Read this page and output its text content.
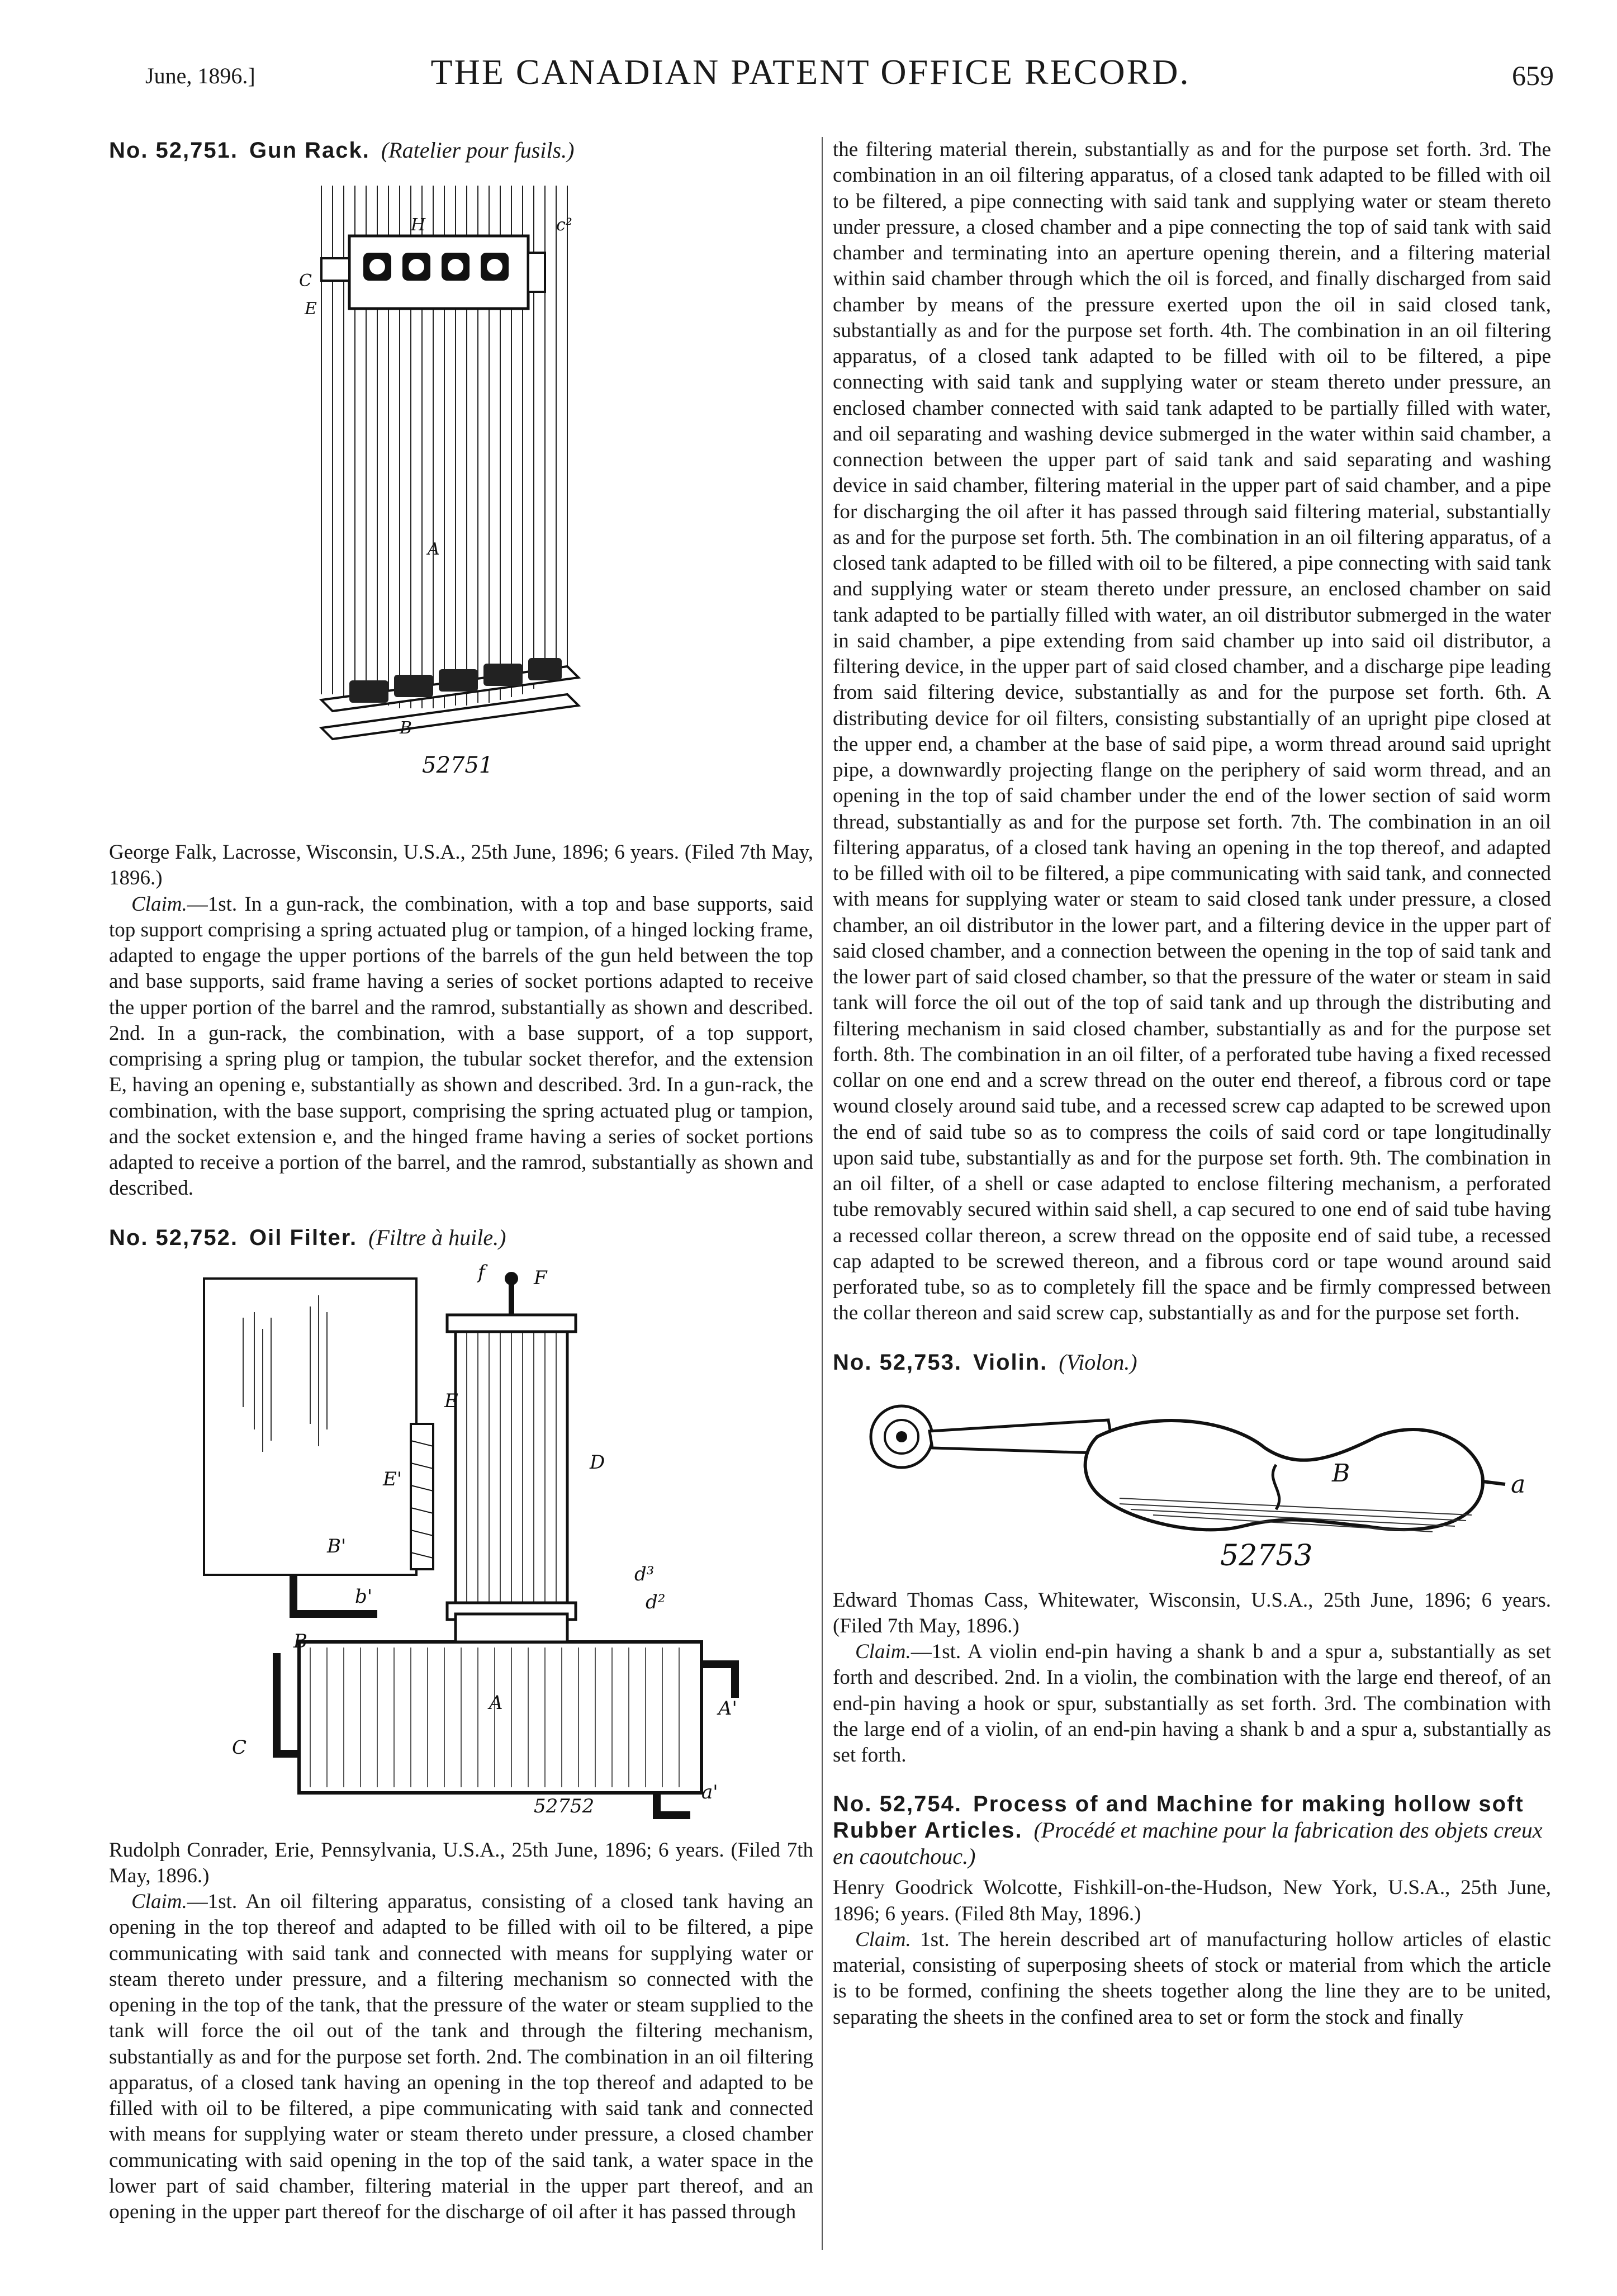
June, 1896.]	THE CANADIAN PATENT OFFICE RECORD.	659
No. 52,751. Gun Rack. (Ratelier pour fusils.)
H	c²
C
A
B
E
52751

George Falk, Lacrosse, Wisconsin, U.S.A., 25th June, 1896; 6 years. (Filed 7th May, 1896.)

Claim.—1st. In a gun-rack, the combination, with a top and base supports, said top support comprising a spring actuated plug or tampion, of a hinged locking frame, adapted to engage the upper portions of the barrels of the gun held between the top and base supports, said frame having a series of socket portions adapted to receive the upper portion of the barrel and the ramrod, substantially as shown and described. 2nd. In a gun-rack, the combination, with a base support, of a top support, comprising a spring plug or tampion, the tubular socket therefor, and the extension E, having an opening e, substantially as shown and described. 3rd. In a gun-rack, the combination, with the base support, comprising the spring actuated plug or tampion, and the socket extension e, and the hinged frame having a series of socket portions adapted to receive a portion of the barrel, and the ramrod, substantially as shown and described.

No. 52,752. Oil Filter. (Filtre à huile.)
B'
D
E
E'
C
A	A'
B
b'
a'
d²
d³
f	F
52752

Rudolph Conrader, Erie, Pennsylvania, U.S.A., 25th June, 1896; 6 years. (Filed 7th May, 1896.)

Claim.—1st. An oil filtering apparatus, consisting of a closed tank having an opening in the top thereof and adapted to be filled with oil to be filtered, a pipe communicating with said tank and connected with means for supplying water or steam thereto under pressure, and a filtering mechanism so connected with the opening in the top of the tank, that the pressure of the water or steam supplied to the tank will force the oil out of the tank and through the filtering mechanism, substantially as and for the purpose set forth. 2nd. The combination in an oil filtering apparatus, of a closed tank having an opening in the top thereof and adapted to be filled with oil to be filtered, a pipe communicating with said tank and connected with means for supplying water or steam thereto under pressure, a closed chamber communicating with said opening in the top of the said tank, a water space in the lower part of said chamber, filtering material in the upper part thereof, and an opening in the upper part thereof for the discharge of oil after it has passed through

the filtering material therein, substantially as and for the purpose set forth. 3rd. The combination in an oil filtering apparatus, of a closed tank adapted to be filled with oil to be filtered, a pipe connecting with said tank and supplying water or steam thereto under pressure, a closed chamber and a pipe connecting the top of said tank with said chamber and terminating into an aperture opening therein, and a filtering material within said chamber through which the oil is forced, and finally discharged from said chamber by means of the pressure exerted upon the oil in said closed tank, substantially as and for the purpose set forth. 4th. The combination in an oil filtering apparatus, of a closed tank adapted to be filled with oil to be filtered, a pipe connecting with said tank and supplying water or steam thereto under pressure, an enclosed chamber connected with said tank adapted to be partially filled with water, and oil separating and washing device submerged in the water within said chamber, a connection between the upper part of said tank and said separating and washing device in said chamber, filtering material in the upper part of said chamber, and a pipe for discharging the oil after it has passed through said filtering material, substantially as and for the purpose set forth. 5th. The combination in an oil filtering apparatus, of a closed tank adapted to be filled with oil to be filtered, a pipe connecting with said tank and supplying water or steam thereto under pressure, an enclosed chamber on said tank adapted to be partially filled with water, an oil distributor submerged in the water in said chamber, a pipe extending from said chamber up into said oil distributor, a filtering device, in the upper part of said closed chamber, and a discharge pipe leading from said filtering device, substantially as and for the purpose set forth. 6th. A distributing device for oil filters, consisting substantially of an upright pipe closed at the upper end, a chamber at the base of said pipe, a worm thread around said upright pipe, a downwardly projecting flange on the periphery of said worm thread, and an opening in the top of said chamber under the end of the lower section of said worm thread, substantially as and for the purpose set forth. 7th. The combination in an oil filtering apparatus, of a closed tank having an opening in the top thereof, and adapted to be filled with oil to be filtered, a pipe communicating with said tank, and connected with means for supplying water or steam to said closed tank under pressure, a closed chamber, an oil distributor in the lower part, and a filtering device in the upper part of said closed chamber, and a connection between the opening in the top of said tank and the lower part of said closed chamber, so that the pressure of the water or steam in said tank will force the oil out of the top of said tank and up through the distributing and filtering mechanism in said closed chamber, substantially as and for the purpose set forth. 8th. The combination in an oil filter, of a perforated tube having a fixed recessed collar on one end and a screw thread on the outer end thereof, a fibrous cord or tape wound closely around said tube, and a recessed screw cap adapted to be screwed upon the end of said tube so as to compress the coils of said cord or tape longitudinally upon said tube, substantially as and for the purpose set forth. 9th. The combination in an oil filter, of a shell or case adapted to enclose filtering mechanism, a perforated tube removably secured within said shell, a cap secured to one end of said tube having a recessed collar thereon, a screw thread on the opposite end of said tube, a recessed cap adapted to be screwed thereon, and a fibrous cord or tape wound around said perforated tube, so as to completely fill the space and be firmly compressed between the collar thereon and said screw cap, substantially as and for the purpose set forth.

No. 52,753. Violin. (Violon.)
B	a
52753

Edward Thomas Cass, Whitewater, Wisconsin, U.S.A., 25th June, 1896; 6 years. (Filed 7th May, 1896.)

Claim.—1st. A violin end-pin having a shank b and a spur a, substantially as set forth and described. 2nd. In a violin, the combination with the large end thereof, of an end-pin having a hook or spur, substantially as set forth. 3rd. The combination with the large end of a violin, of an end-pin having a shank b and a spur a, substantially as set forth.

No. 52,754. Process of and Machine for making hollow soft Rubber Articles. (Procédé et machine pour la fabrication des objets creux en caoutchouc.)

Henry Goodrick Wolcotte, Fishkill-on-the-Hudson, New York, U.S.A., 25th June, 1896; 6 years. (Filed 8th May, 1896.)

Claim. 1st. The herein described art of manufacturing hollow articles of elastic material, consisting of superposing sheets of stock or material from which the article is to be formed, confining the sheets together along the line they are to be united, separating the sheets in the confined area to set or form the stock and finally
